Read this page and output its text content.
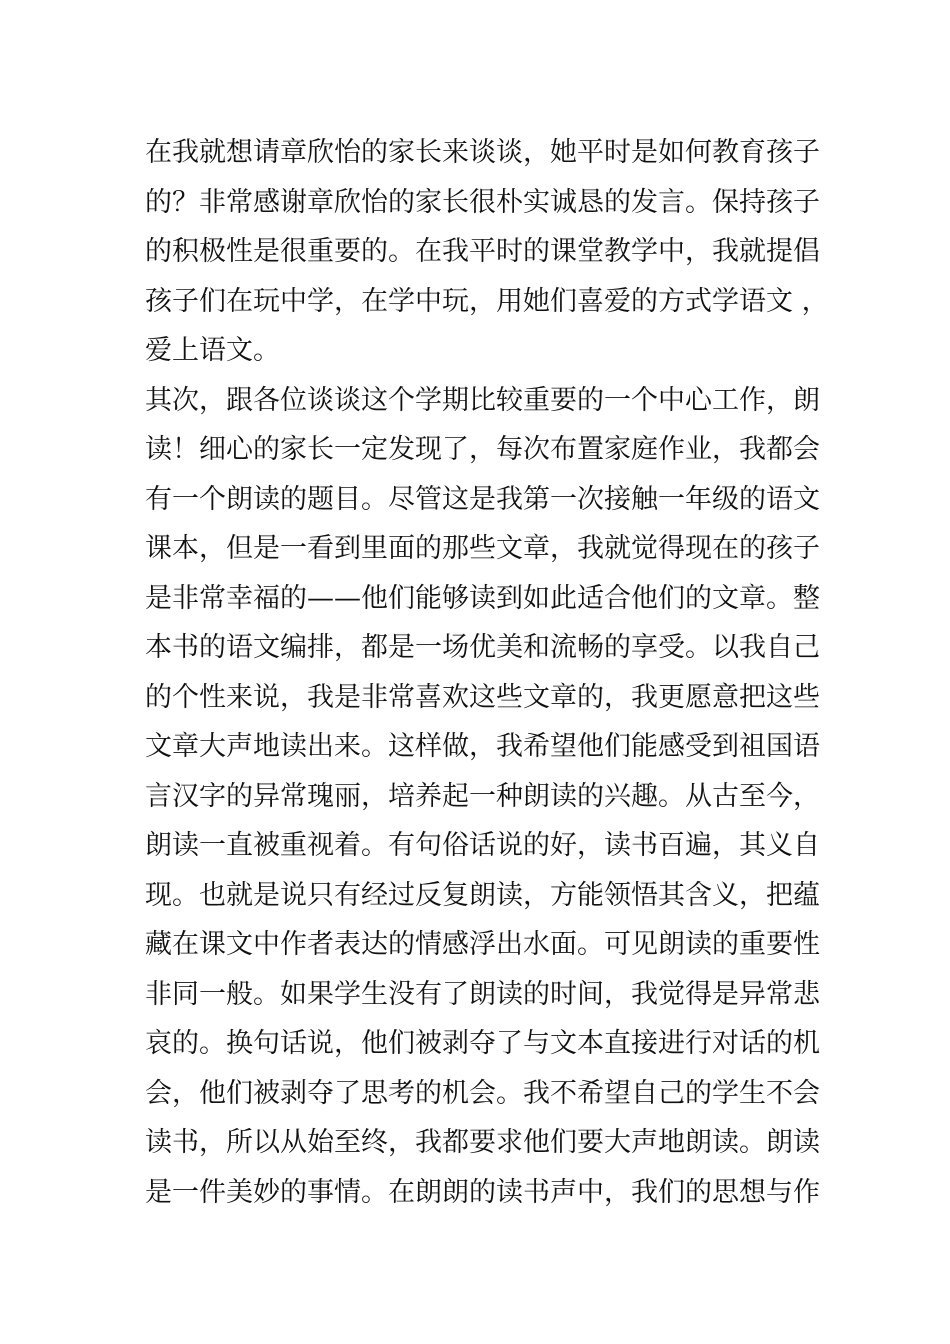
在我就想请章欣怡的家长来谈谈，她平时是如何教育孩子
的？非常感谢章欣怡的家长很朴实诚恳的发言。保持孩子
的积极性是很重要的。在我平时的课堂教学中，我就提倡
孩子们在玩中学，在学中玩，用她们喜爱的方式学语文 ，
爱上语文。
其次，跟各位谈谈这个学期比较重要的一个中心工作，朗
读！细心的家长一定发现了，每次布置家庭作业，我都会
有一个朗读的题目。尽管这是我第一次接触一年级的语文
课本，但是一看到里面的那些文章，我就觉得现在的孩子
是非常幸福的——他们能够读到如此适合他们的文章。整
本书的语文编排，都是一场优美和流畅的享受。以我自己
的个性来说，我是非常喜欢这些文章的，我更愿意把这些
文章大声地读出来。这样做，我希望他们能感受到祖国语
言汉字的异常瑰丽，培养起一种朗读的兴趣。从古至今，
朗读一直被重视着。有句俗话说的好，读书百遍，其义自
现。也就是说只有经过反复朗读，方能领悟其含义，把蕴
藏在课文中作者表达的情感浮出水面。可见朗读的重要性
非同一般。如果学生没有了朗读的时间，我觉得是异常悲
哀的。换句话说，他们被剥夺了与文本直接进行对话的机
会，他们被剥夺了思考的机会。我不希望自己的学生不会
读书，所以从始至终，我都要求他们要大声地朗读。朗读
是一件美妙的事情。在朗朗的读书声中，我们的思想与作
